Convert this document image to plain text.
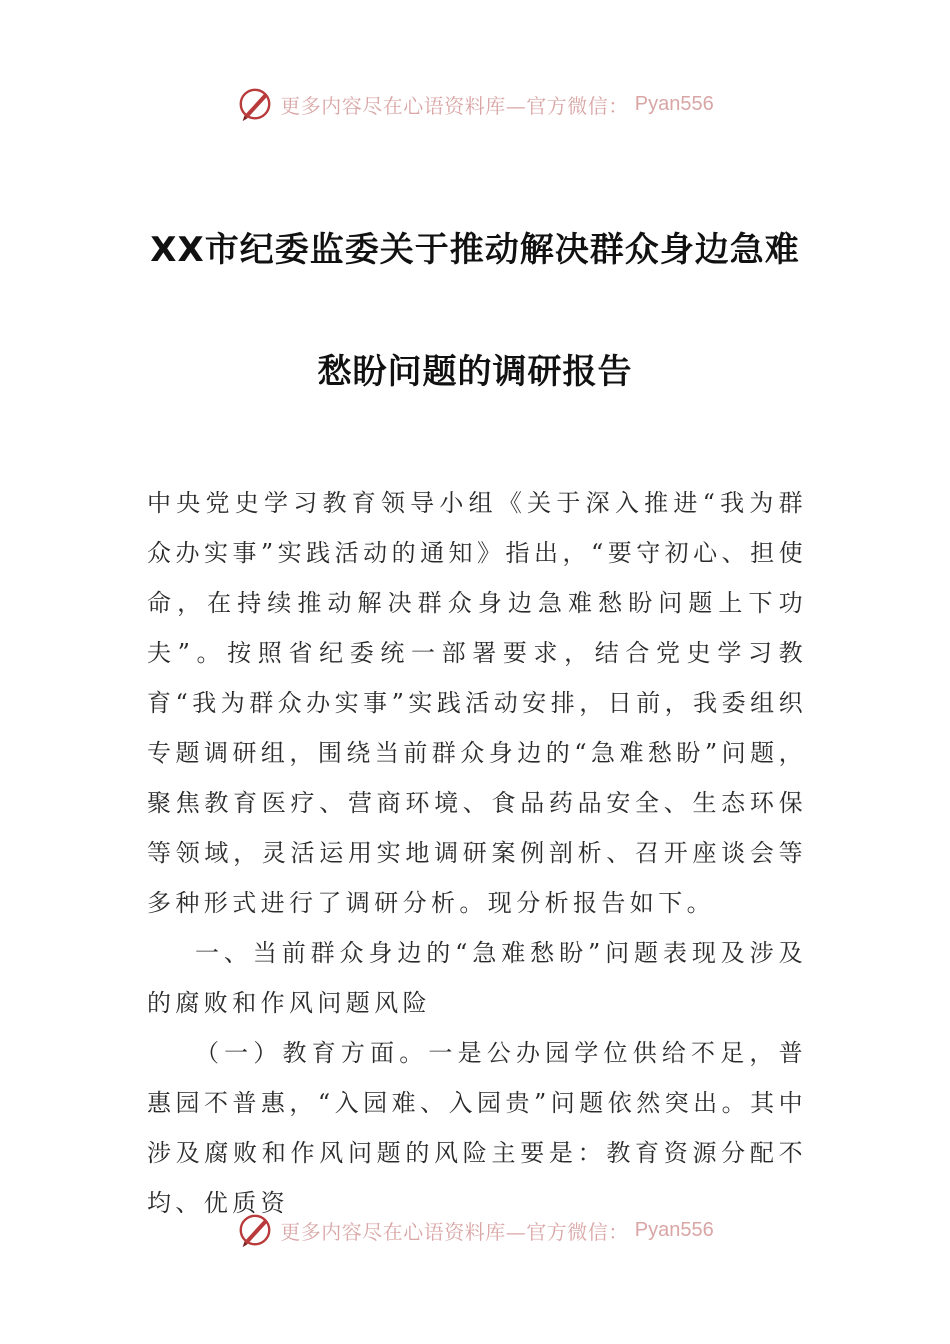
更多内容尽在心语资料库—官方微信： Pyan556
XX市纪委监委关于推动解决群众身边急难
愁盼问题的调研报告

中央党史学习教育领导小组《关于深入推进“我为群众办实事”实践活动的通知》指出，“要守初心、担使命，在持续推动解决群众身边急难愁盼问题上下功夫”。按照省纪委统一部署要求，结合党史学习教育“我为群众办实事”实践活动安排，日前，我委组织专题调研组，围绕当前群众身边的“急难愁盼”问题，聚焦教育医疗、营商环境、食品药品安全、生态环保等领域，灵活运用实地调研案例剖析、召开座谈会等多种形式进行了调研分析。现分析报告如下。

一、当前群众身边的“急难愁盼”问题表现及涉及的腐败和作风问题风险

（一）教育方面。一是公办园学位供给不足，普惠园不普惠，“入园难、入园贵”问题依然突出。其中涉及腐败和作风问题的风险主要是：教育资源分配不均、优质资

更多内容尽在心语资料库—官方微信： Pyan556
